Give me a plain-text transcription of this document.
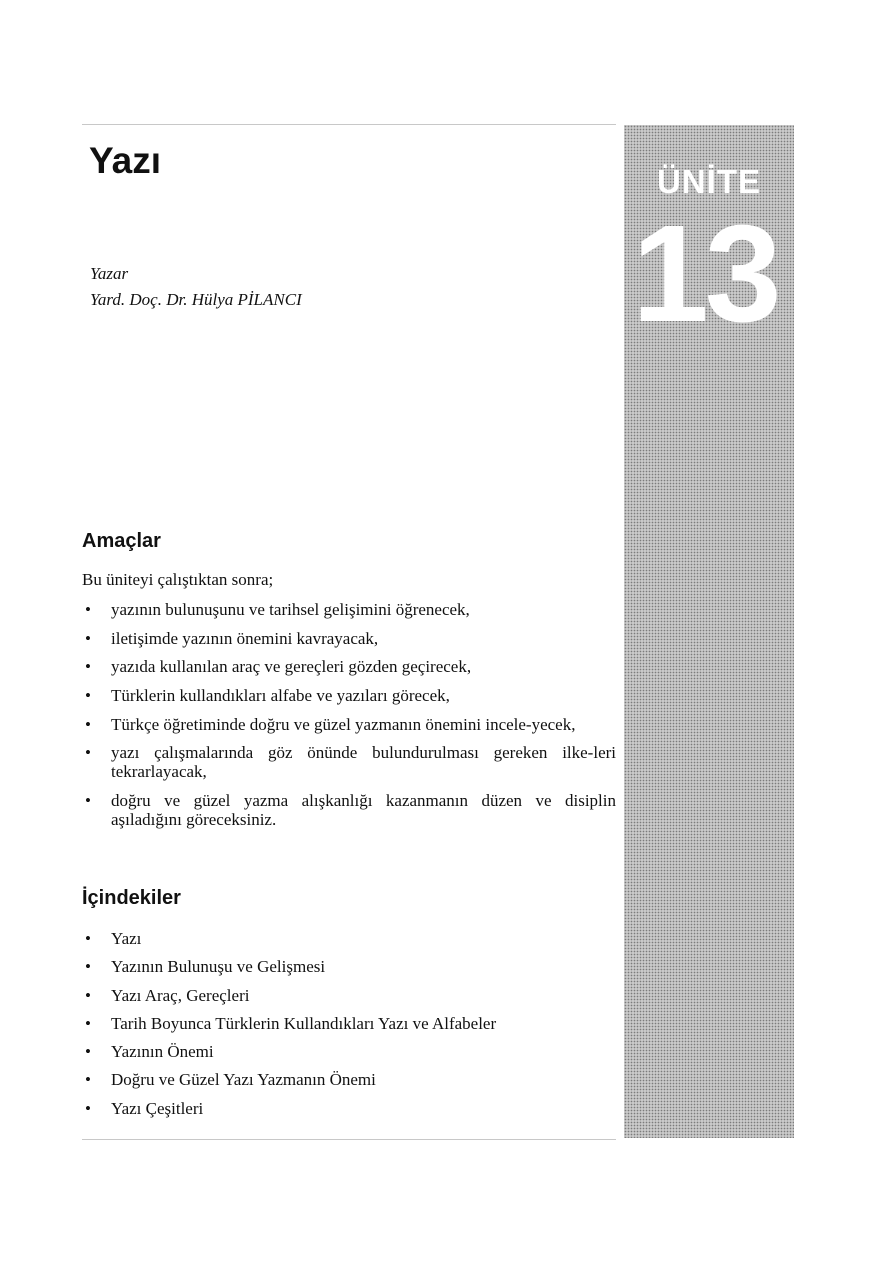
Yazı
Yazar
Yard. Doç. Dr. Hülya PİLANCI
ÜNİTE
13
Amaçlar
Bu üniteyi çalıştıktan sonra;
• yazının bulunuşunu ve tarihsel gelişimini öğrenecek,
• iletişimde yazının önemini kavrayacak,
• yazıda kullanılan araç ve gereçleri gözden geçirecek,
• Türklerin kullandıkları alfabe ve yazıları görecek,
• Türkçe öğretiminde doğru ve güzel yazmanın önemini incele-yecek,
• yazı çalışmalarında göz önünde bulundurulması gereken ilke-leri tekrarlayacak,
• doğru ve güzel yazma alışkanlığı kazanmanın düzen ve disiplin aşıladığını göreceksiniz.
İçindekiler
• Yazı
• Yazının Bulunuşu ve Gelişmesi
• Yazı Araç, Gereçleri
• Tarih Boyunca Türklerin Kullandıkları Yazı ve Alfabeler
• Yazının Önemi
• Doğru ve Güzel Yazı Yazmanın Önemi
• Yazı Çeşitleri
